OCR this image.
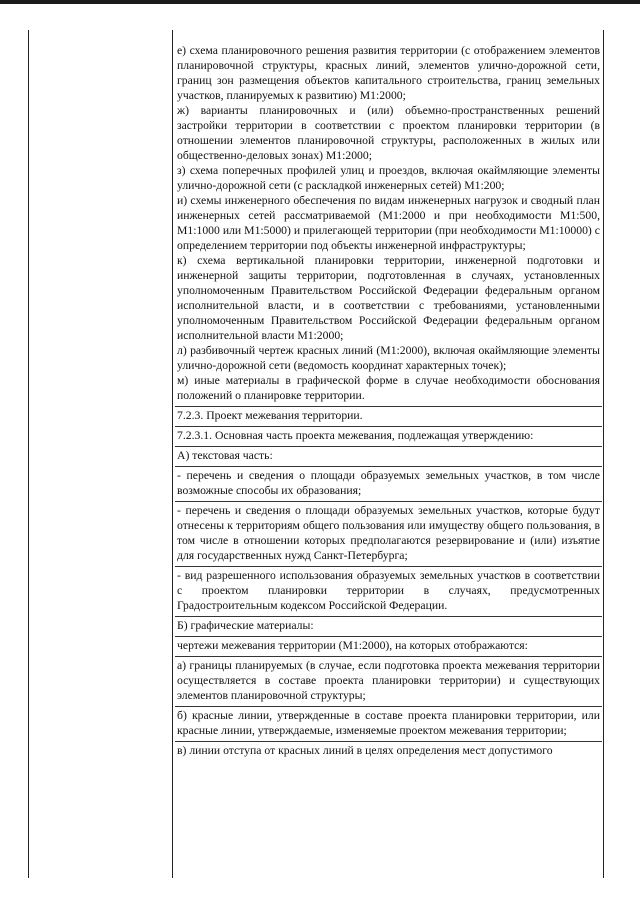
е) схема планировочного решения развития территории (с отображением элементов планировочной структуры, красных линий, элементов улично-дорожной сети, границ зон размещения объектов капитального строительства, границ земельных участков, планируемых к развитию) М1:2000;

ж) варианты планировочных и (или) объемно-пространственных решений застройки территории в соответствии с проектом планировки территории (в отношении элементов планировочной структуры, расположенных в жилых или общественно-деловых зонах) М1:2000;

з) схема поперечных профилей улиц и проездов, включая окаймляющие элементы улично-дорожной сети (с раскладкой инженерных сетей) М1:200;

и) схемы инженерного обеспечения по видам инженерных нагрузок и сводный план инженерных сетей рассматриваемой (М1:2000 и при необходимости М1:500, М1:1000 или М1:5000) и прилегающей территории (при необходимости М1:10000) с определением территории под объекты инженерной инфраструктуры;

к) схема вертикальной планировки территории, инженерной подготовки и инженерной защиты территории, подготовленная в случаях, установленных уполномоченным Правительством Российской Федерации федеральным органом исполнительной власти, и в соответствии с требованиями, установленными уполномоченным Правительством Российской Федерации федеральным органом исполнительной власти М1:2000;

л) разбивочный чертеж красных линий (М1:2000), включая окаймляющие элементы улично-дорожной сети (ведомость координат характерных точек);

м) иные материалы в графической форме в случае необходимости обоснования положений о планировке территории.

7.2.3. Проект межевания территории.

7.2.3.1. Основная часть проекта межевания, подлежащая утверждению:

А) текстовая часть:

- перечень и сведения о площади образуемых земельных участков, в том числе возможные способы их образования;

- перечень и сведения о площади образуемых земельных участков, которые будут отнесены к территориям общего пользования или имуществу общего пользования, в том числе в отношении которых предполагаются резервирование и (или) изъятие для государственных нужд Санкт-Петербурга;

- вид разрешенного использования образуемых земельных участков в соответствии с проектом планировки территории в случаях, предусмотренных Градостроительным кодексом Российской Федерации.

Б) графические материалы:

чертежи межевания территории (М1:2000), на которых отображаются:

а) границы планируемых (в случае, если подготовка проекта межевания территории осуществляется в составе проекта планировки территории) и существующих элементов планировочной структуры;

б) красные линии, утвержденные в составе проекта планировки территории, или красные линии, утверждаемые, изменяемые проектом межевания территории;

в) линии отступа от красных линий в целях определения мест допустимого
